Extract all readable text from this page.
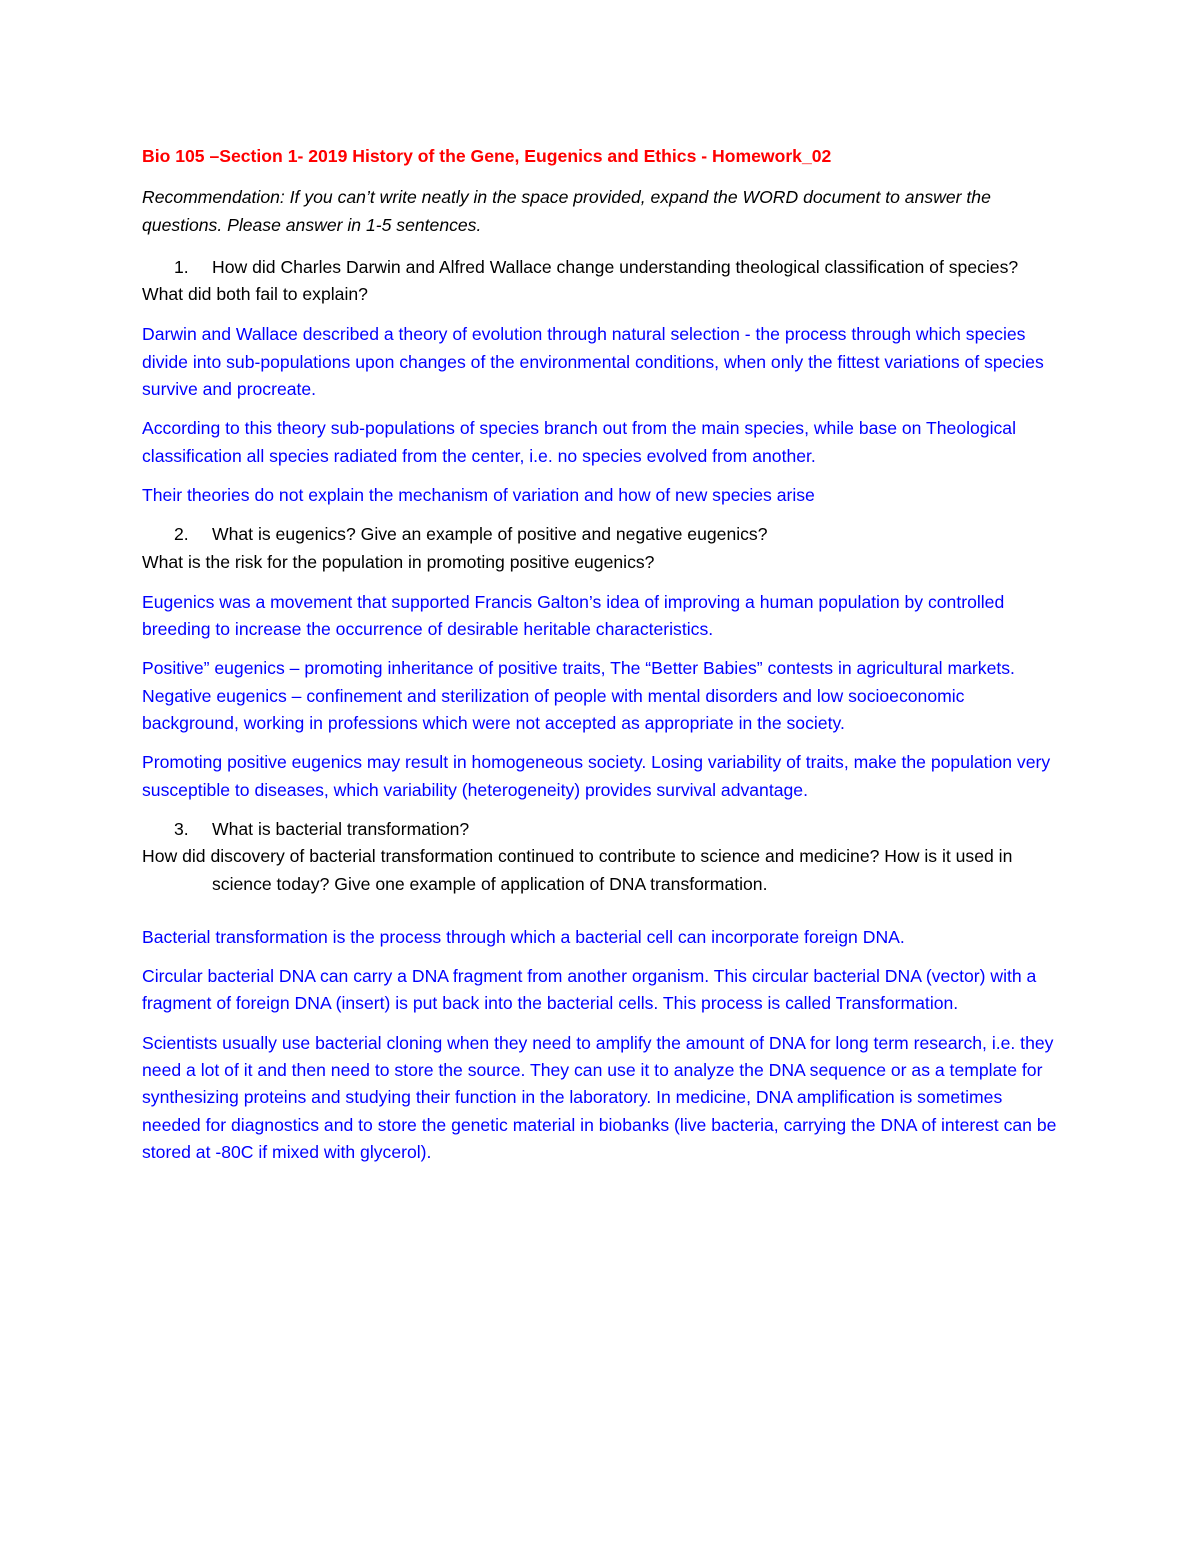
Bio 105 –Section 1- 2019 History of the Gene, Eugenics and Ethics - Homework_02

Recommendation: If you can’t write neatly in the space provided, expand the WORD document to answer the questions. Please answer in 1-5 sentences.

1. How did Charles Darwin and Alfred Wallace change understanding theological classification of species?

What did both fail to explain?

Darwin and Wallace described a theory of evolution through natural selection - the process through which species divide into sub-populations upon changes of the environmental conditions, when only the fittest variations of species survive and procreate.

According to this theory sub-populations of species branch out from the main species, while base on Theological classification all species radiated from the center, i.e. no species evolved from another.

Their theories do not explain the mechanism of variation and how of new species arise

2. What is eugenics? Give an example of positive and negative eugenics?

What is the risk for the population in promoting positive eugenics?

Eugenics was a movement that supported Francis Galton’s idea of improving a human population by controlled breeding to increase the occurrence of desirable heritable characteristics.

Positive” eugenics – promoting inheritance of positive traits, The “Better Babies” contests in agricultural markets.

Negative eugenics – confinement and sterilization of people with mental disorders and low socioeconomic background, working in professions which were not accepted as appropriate in the society.

Promoting positive eugenics may result in homogeneous society. Losing variability of traits, make the population very susceptible to diseases, which variability (heterogeneity) provides survival advantage.

3. What is bacterial transformation?

How did discovery of bacterial transformation continued to contribute to science and medicine? How is it used in science today? Give one example of application of DNA transformation.

Bacterial transformation is the process through which a bacterial cell can incorporate foreign DNA.

Circular bacterial DNA can carry a DNA fragment from another organism. This circular bacterial DNA (vector) with a fragment of foreign DNA (insert) is put back into the bacterial cells. This process is called Transformation.

Scientists usually use bacterial cloning when they need to amplify the amount of DNA for long term research, i.e. they need a lot of it and then need to store the source. They can use it to analyze the DNA sequence or as a template for synthesizing proteins and studying their function in the laboratory. In medicine, DNA amplification is sometimes needed for diagnostics and to store the genetic material in biobanks (live bacteria, carrying the DNA of interest can be stored at -80C if mixed with glycerol).
